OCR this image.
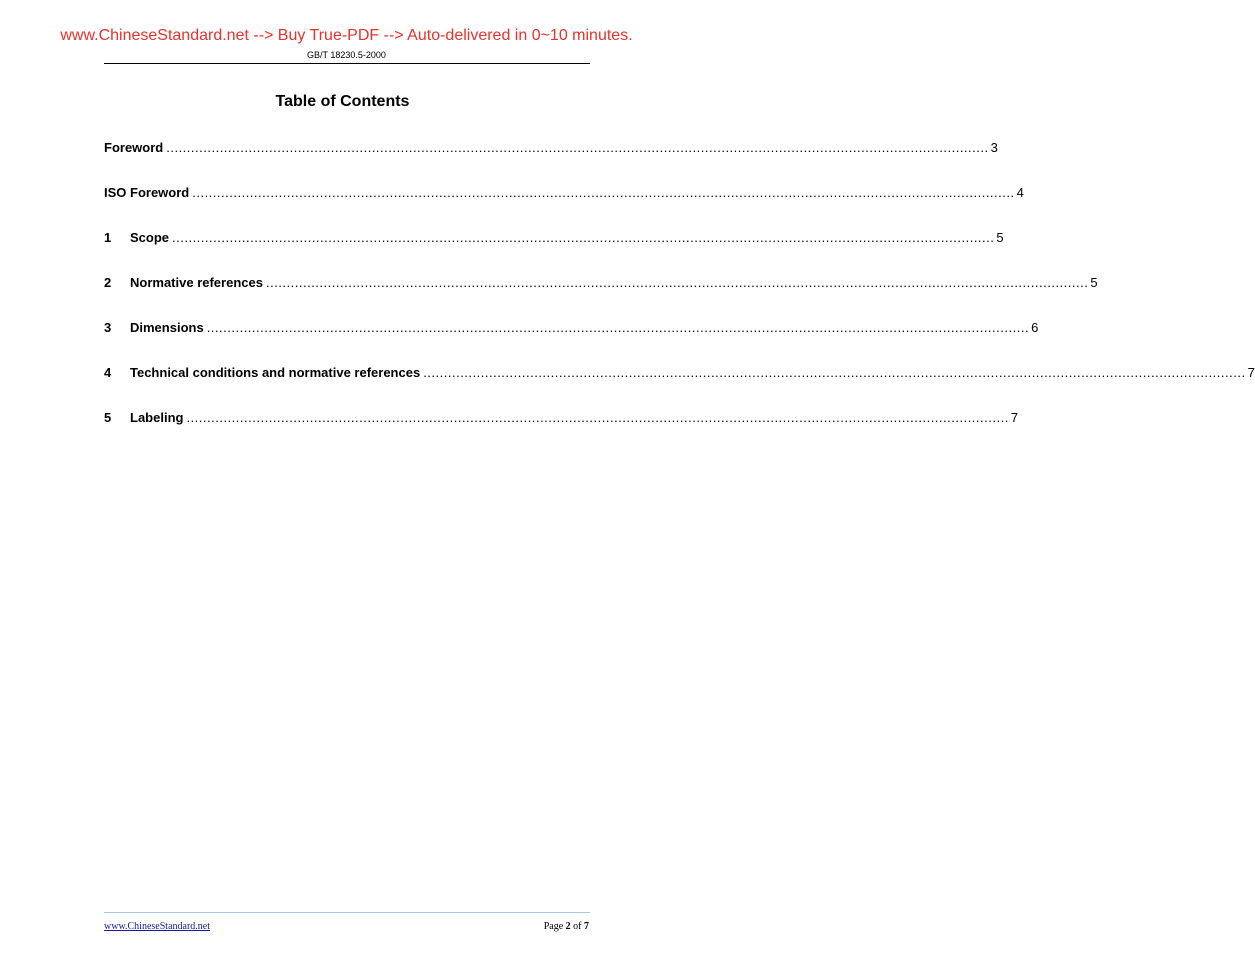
www.ChineseStandard.net --> Buy True-PDF --> Auto-delivered in 0~10 minutes.
GB/T 18230.5-2000
Table of Contents
Foreword ........................................................................................................................................................................................................ 3
ISO Foreword ........................................................................................................................................................................................................ 4
1	Scope ........................................................................................................................................................................................................ 5
2	Normative references ........................................................................................................................................................................................................ 5
3	Dimensions ........................................................................................................................................................................................................ 6
4	Technical conditions and normative references ........................................................................................................................................................................................................ 7
5	Labeling ........................................................................................................................................................................................................ 7
www.ChineseStandard.net	Page 2 of 7
